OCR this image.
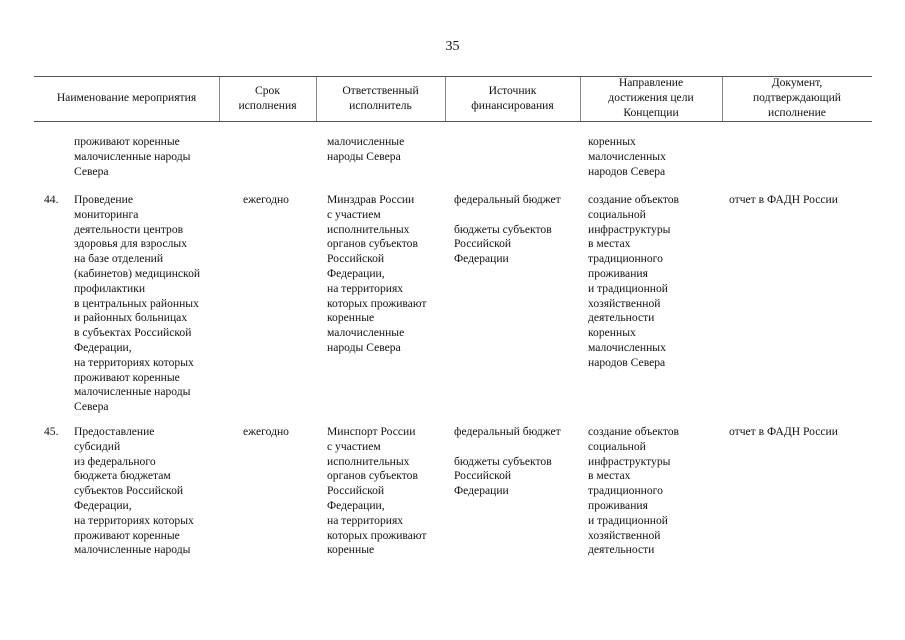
35
Наименование мероприятия
Срок
исполнения
Ответственный
исполнитель
Источник
финансирования
Направление
достижения цели
Концепции
Документ,
подтверждающий
исполнение
проживают коренные
малочисленные народы
Севера
малочисленные
народы Севера
коренных
малочисленных
народов Севера
44. Проведение
мониторинга
деятельности центров
здоровья для взрослых
на базе отделений
(кабинетов) медицинской
профилактики
в центральных районных
и районных больницах
в субъектах Российской
Федерации,
на территориях которых
проживают коренные
малочисленные народы
Севера
ежегодно	Минздрав России
с участием
исполнительных
органов субъектов
Российской
Федерации,
на территориях
которых проживают
коренные
малочисленные
народы Севера
федеральный бюджет

бюджеты субъектов
Российской
Федерации
создание объектов
социальной
инфраструктуры
в местах
традиционного
проживания
и традиционной
хозяйственной
деятельности
коренных
малочисленных
народов Севера
отчет в ФАДН России
45. Предоставление
субсидий
из федерального
бюджета бюджетам
субъектов Российской
Федерации,
на территориях которых
проживают коренные
малочисленные народы
ежегодно	Минспорт России
с участием
исполнительных
органов субъектов
Российской
Федерации,
на территориях
которых проживают
коренные
федеральный бюджет

бюджеты субъектов
Российской
Федерации
создание объектов
социальной
инфраструктуры
в местах
традиционного
проживания
и традиционной
хозяйственной
деятельности
отчет в ФАДН России
